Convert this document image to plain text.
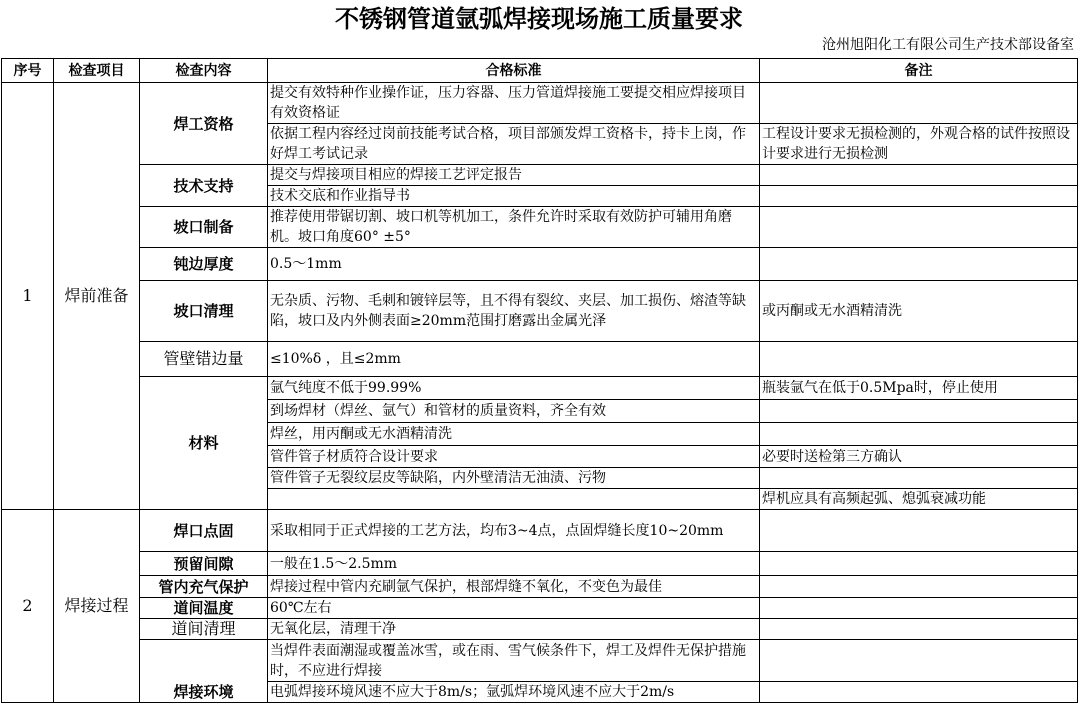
不锈钢管道氩弧焊接现场施工质量要求
沧州旭阳化工有限公司生产技术部设备室
序号	检查项目	检查内容	合格标准	备注
1	焊前准备	焊工资格	提交有效特种作业操作证，压力容器、压力管道焊接施工要提交相应焊接项目有效资格证	
			依据工程内容经过岗前技能考试合格，项目部颁发焊工资格卡，持卡上岗，作好焊工考试记录	工程设计要求无损检测的，外观合格的试件按照设计要求进行无损检测
		技术支持	提交与焊接项目相应的焊接工艺评定报告	
			技术交底和作业指导书	
		坡口制备	推荐使用带锯切割、坡口机等机加工，条件允许时采取有效防护可辅用角磨机。坡口角度60° ±5°	
		钝边厚度	0.5～1mm	
		坡口清理	无杂质、污物、毛刺和镀锌层等，且不得有裂纹、夹层、加工损伤、熔渣等缺陷，坡口及内外侧表面≥20mm范围打磨露出金属光泽	或丙酮或无水酒精清洗
		管壁错边量	≤10%δ ，且≤2mm	
		材料	氩气纯度不低于99.99%	瓶装氩气在低于0.5Mpa时，停止使用
			到场焊材（焊丝、氩气）和管材的质量资料，齐全有效	
			焊丝，用丙酮或无水酒精清洗	
			管件管子材质符合设计要求	必要时送检第三方确认
			管件管子无裂纹层皮等缺陷，内外壁清洁无油渍、污物	
				焊机应具有高频起弧、熄弧衰减功能
2	焊接过程	焊口点固	采取相同于正式焊接的工艺方法，均布3~4点，点固焊缝长度10~20mm	
		预留间隙	一般在1.5～2.5mm	
		管内充气保护	焊接过程中管内充刷氩气保护，根部焊缝不氧化，不变色为最佳	
		道间温度	60℃左右	
		道间清理	无氧化层，清理干净	
		焊接环境	当焊件表面潮湿或覆盖冰雪，或在雨、雪气候条件下，焊工及焊件无保护措施时，不应进行焊接	
			电弧焊接环境风速不应大于8m/s；氩弧焊环境风速不应大于2m/s	
